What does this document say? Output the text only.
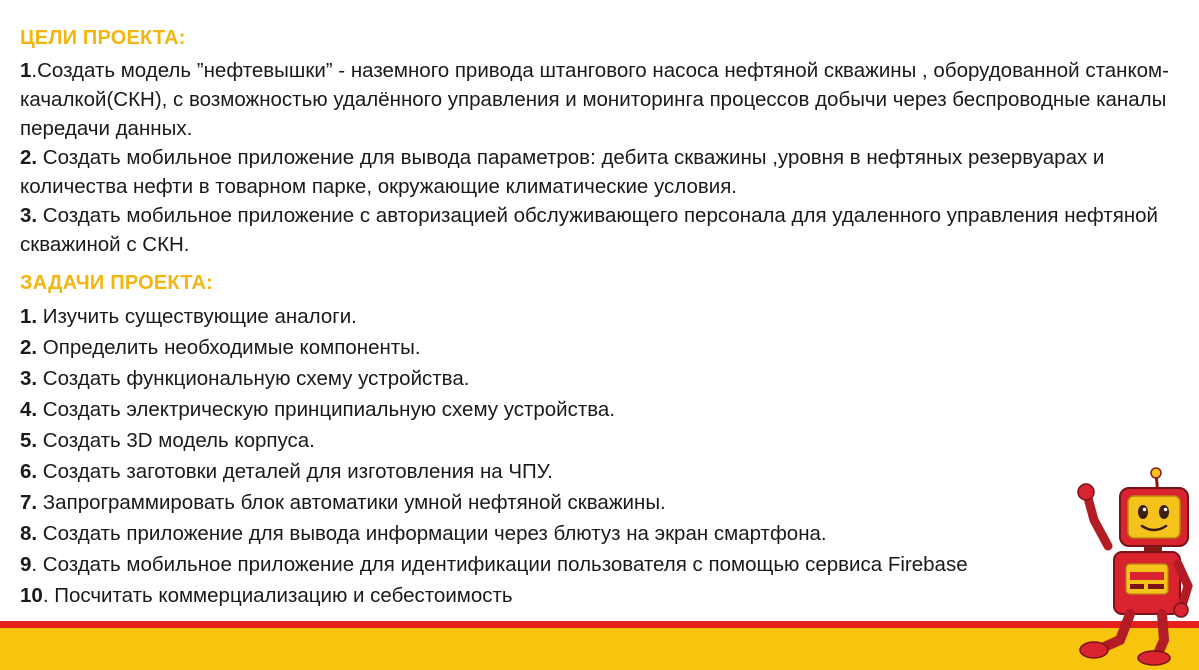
ЦЕЛИ ПРОЕКТА:

1.Создать модель ”нефтевышки” - наземного привода штангового насоса нефтяной скважины , оборудованной станком-качалкой(СКН), с возможностью удалённого управления и мониторинга процессов добычи через беспроводные каналы передачи данных.

2. Создать мобильное приложение для вывода параметров: дебита скважины ,уровня в нефтяных резервуарах и количества нефти в товарном парке, окружающие климатические условия.

3. Создать мобильное приложение с авторизацией обслуживающего персонала для удаленного управления нефтяной скважиной с СКН.

ЗАДАЧИ ПРОЕКТА:

1. Изучить существующие аналоги.

2. Определить необходимые компоненты.

3. Создать функциональную схему устройства.

4. Создать электрическую принципиальную схему устройства.

5. Создать 3D модель корпуса.

6. Создать заготовки деталей для изготовления на ЧПУ.

7. Запрограммировать блок автоматики умной нефтяной скважины.

8. Создать приложение для вывода информации через блютуз на экран смартфона.

9. Создать мобильное приложение для идентификации пользователя с помощью сервиса Firebase

10. Посчитать коммерциализацию и себестоимость
